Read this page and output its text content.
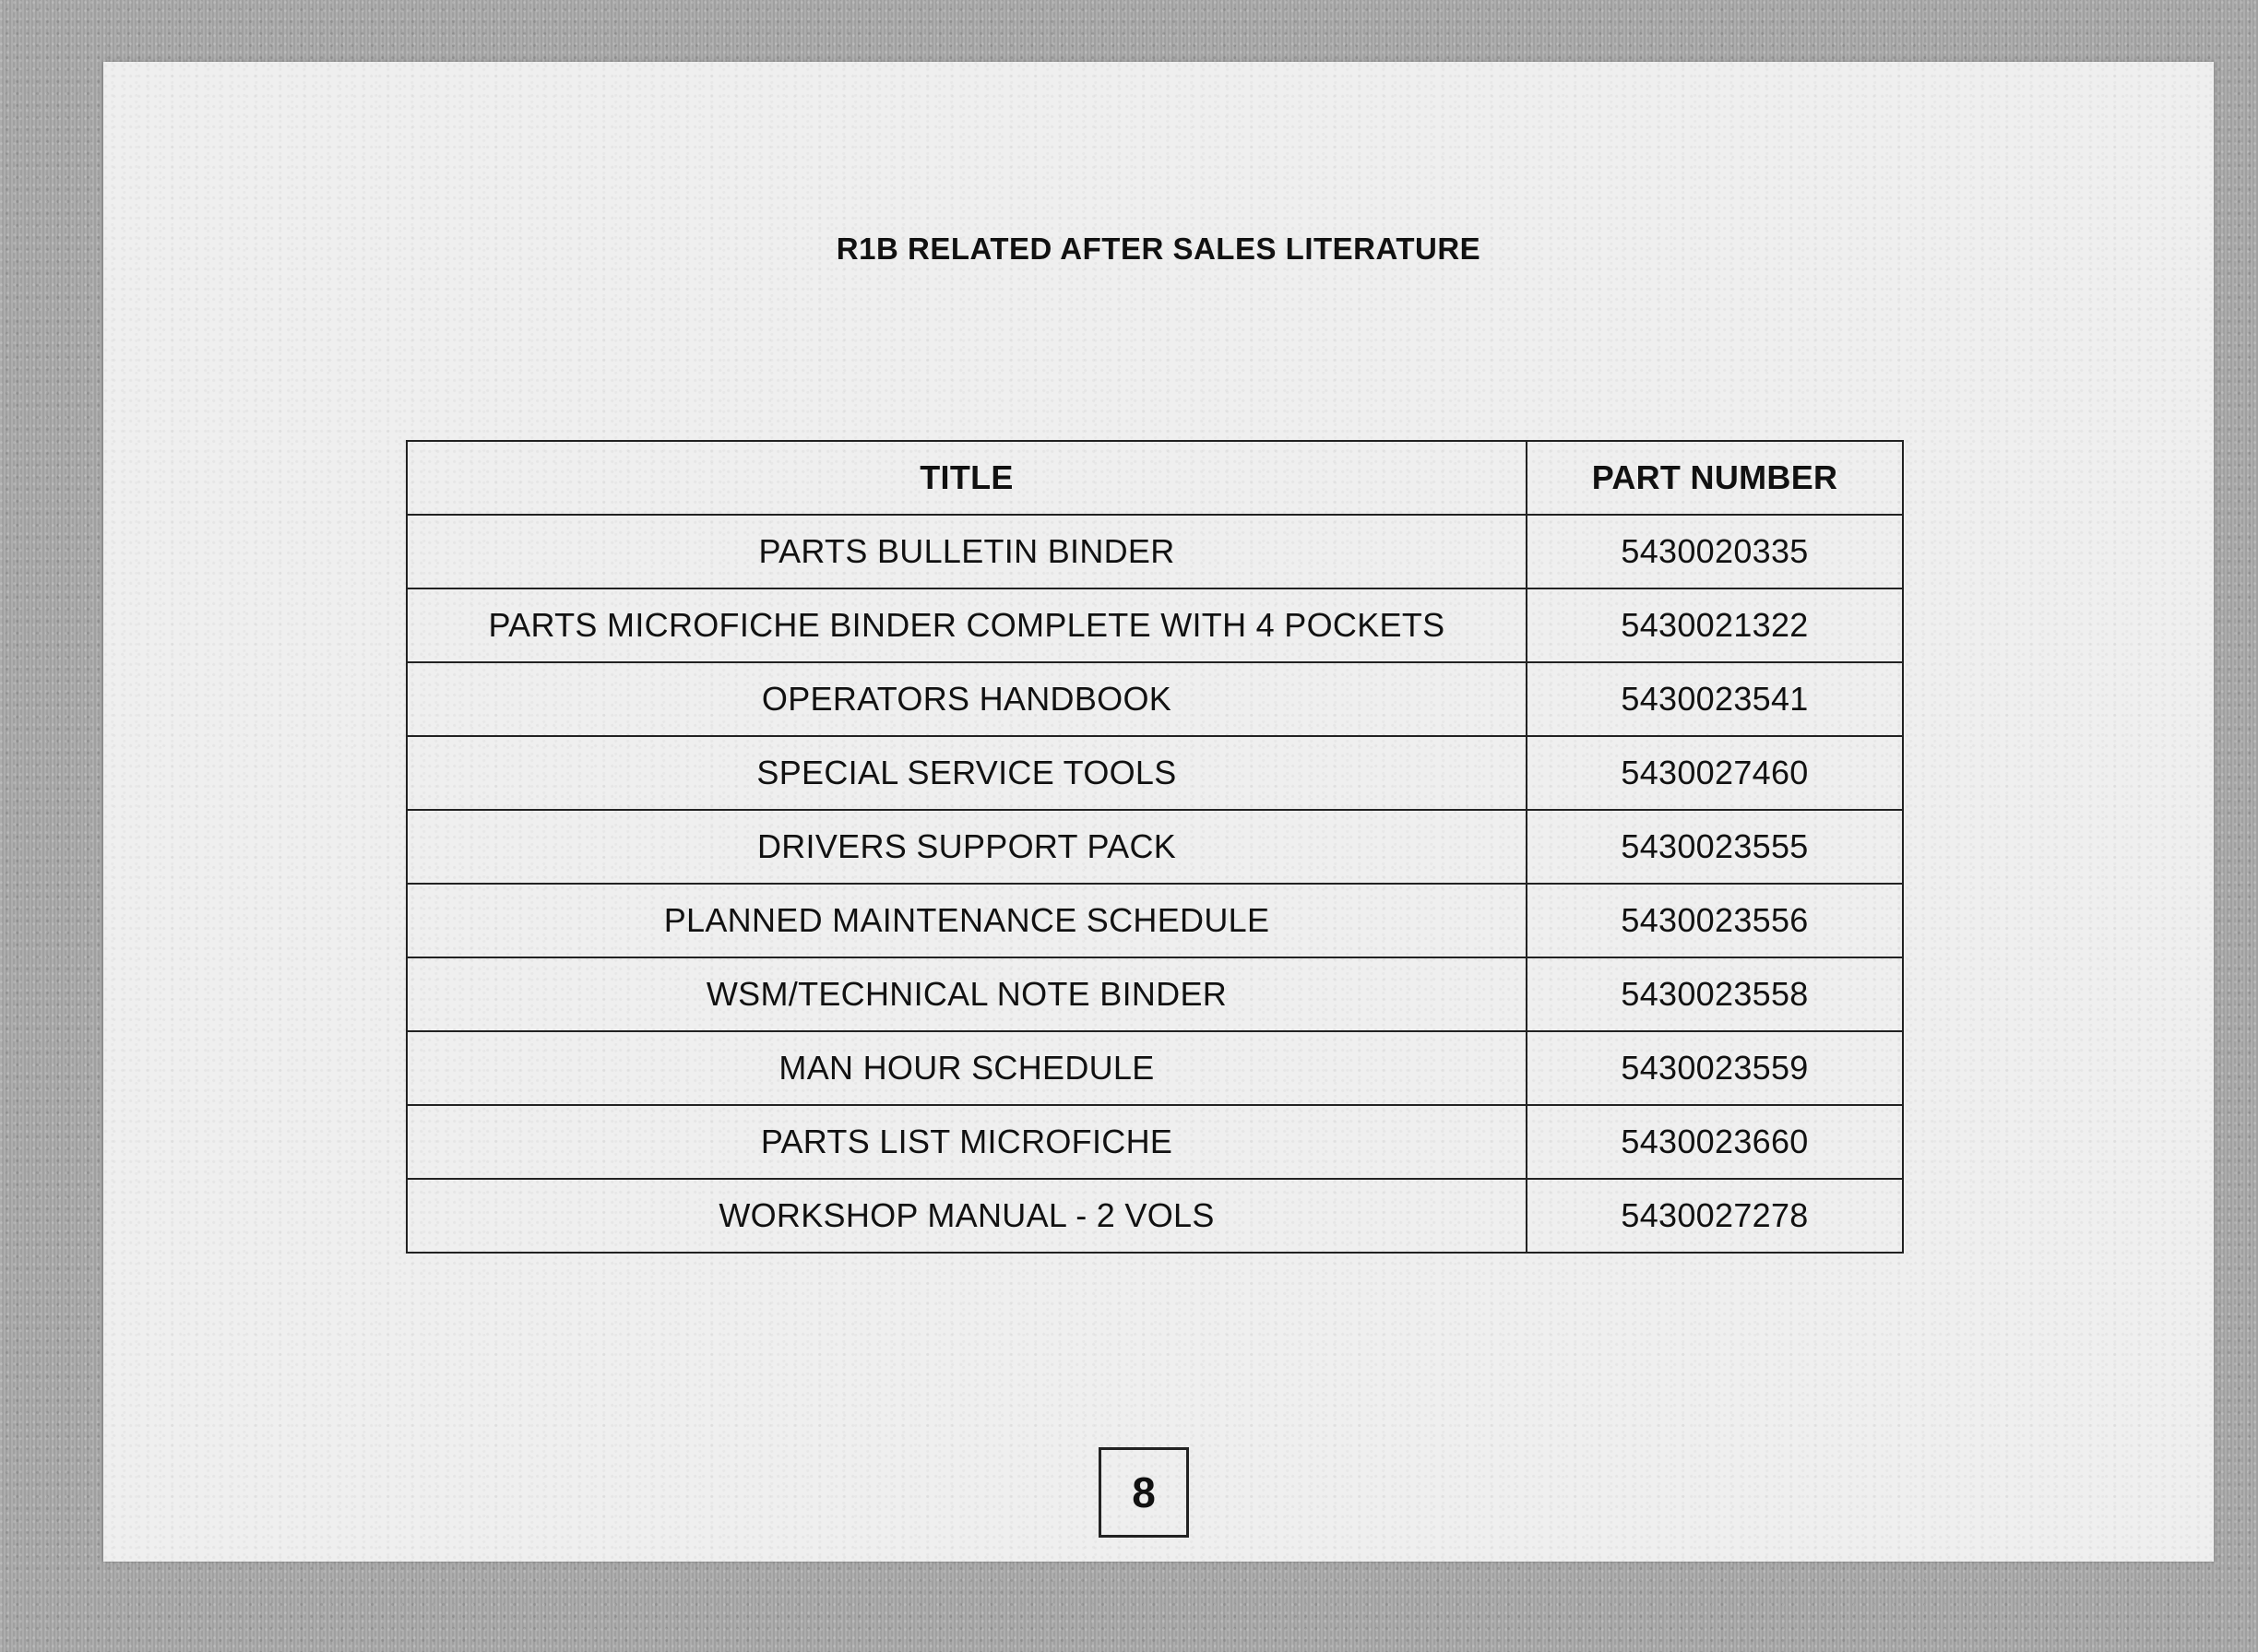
R1B RELATED AFTER SALES LITERATURE
TITLE	PART NUMBER
PARTS BULLETIN BINDER	5430020335
PARTS MICROFICHE BINDER COMPLETE WITH 4 POCKETS	5430021322
OPERATORS HANDBOOK	5430023541
SPECIAL SERVICE TOOLS	5430027460
DRIVERS SUPPORT PACK	5430023555
PLANNED MAINTENANCE SCHEDULE	5430023556
WSM/TECHNICAL NOTE BINDER	5430023558
MAN HOUR SCHEDULE	5430023559
PARTS LIST MICROFICHE	5430023660
WORKSHOP MANUAL - 2 VOLS	5430027278
8
